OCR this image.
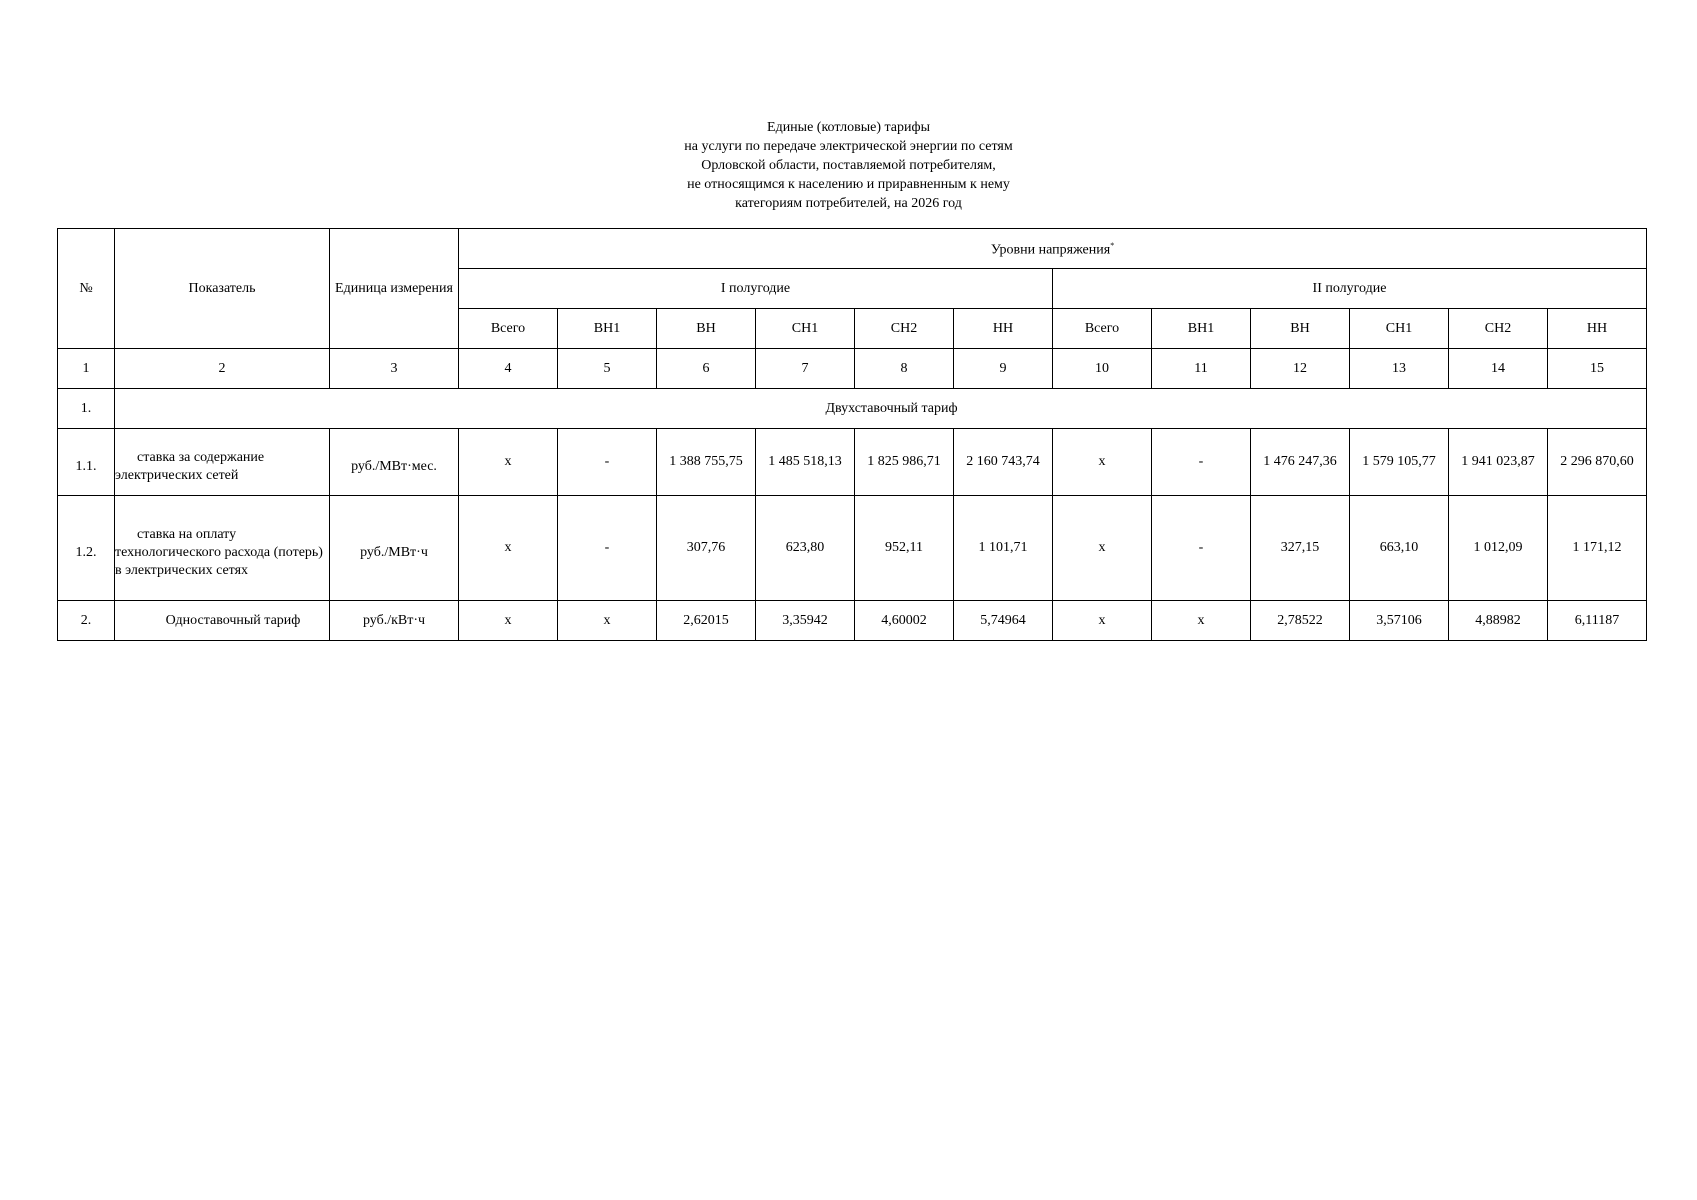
Единые (котловые) тарифы
на услуги по передаче электрической энергии по сетям
Орловской области, поставляемой потребителям,
не относящимся к населению и приравненным к нему
категориям потребителей, на 2026 год
№	Показатель	Единица измерения	Уровни напряжения*
			I полугодие						II полугодие					
			Всего	ВН1	ВН	СН1	СН2	НН	Всего	ВН1	ВН	СН1	СН2	НН
1	2	3	4	5	6	7	8	9	10	11	12	13	14	15
1.	Двухставочный тариф													
1.1.	ставка за содержание электрических сетей	руб./МВт·мес.	х	-	1 388 755,75	1 485 518,13	1 825 986,71	2 160 743,74	х	-	1 476 247,36	1 579 105,77	1 941 023,87	2 296 870,60
1.2.	ставка на оплату технологического расхода (потерь) в электрических сетях	руб./МВт·ч	х	-	307,76	623,80	952,11	1 101,71	х	-	327,15	663,10	1 012,09	1 171,12
2.	Одноставочный тариф	руб./кВт·ч	х	х	2,62015	3,35942	4,60002	5,74964	х	х	2,78522	3,57106	4,88982	6,11187
